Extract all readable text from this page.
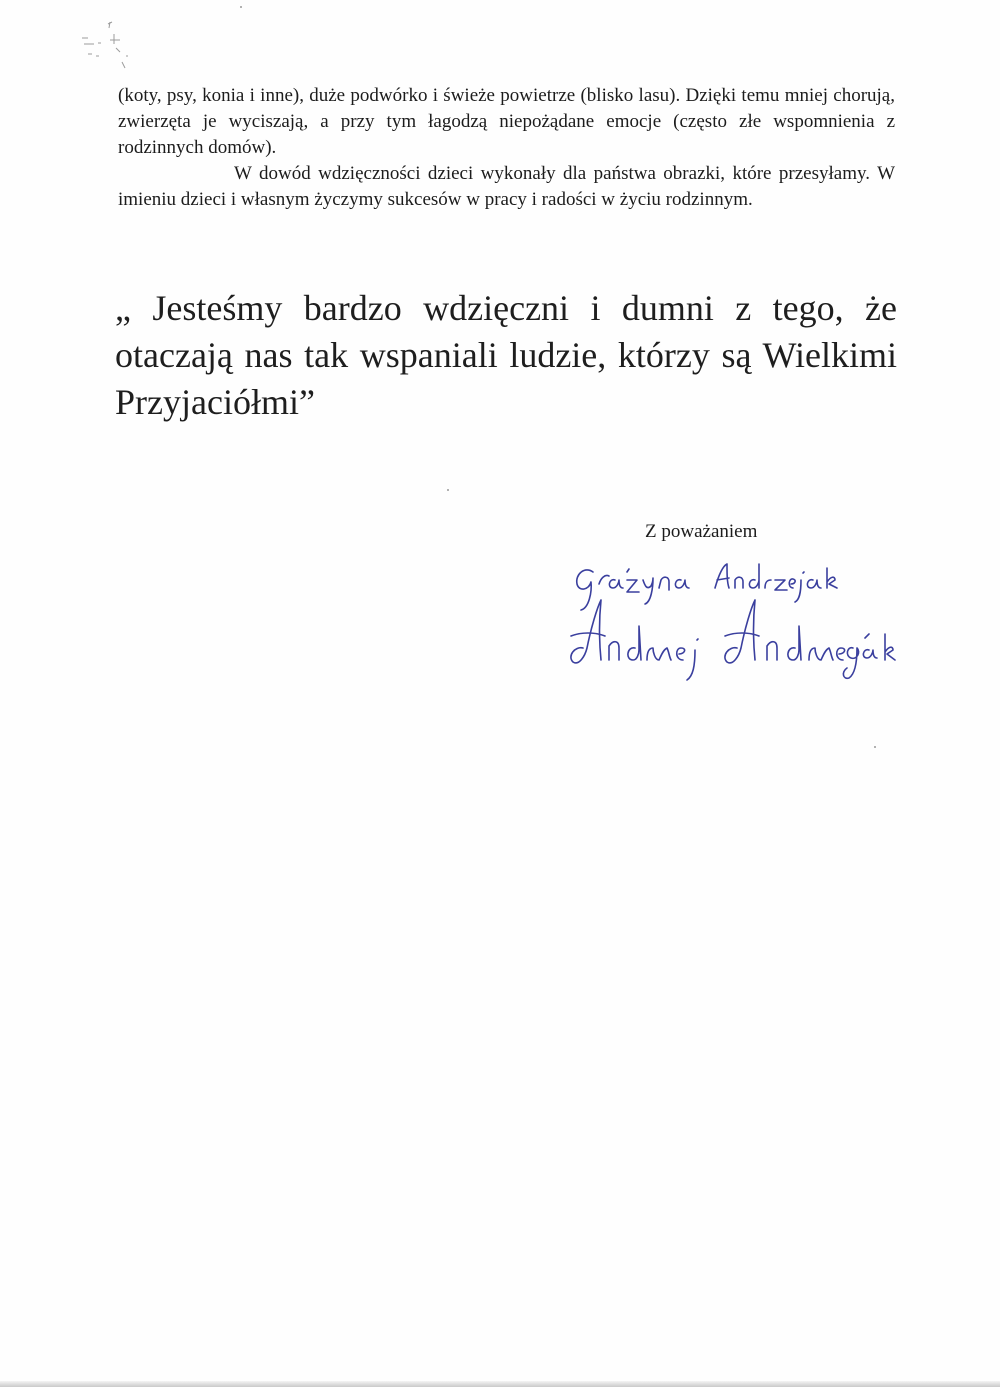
(koty, psy, konia i inne), duże podwórko i świeże powietrze (blisko lasu). Dzięki temu mniej chorują, zwierzęta je wyciszają, a przy tym łagodzą niepożądane emocje (często złe wspomnienia z rodzinnych domów).

W dowód wdzięczności dzieci wykonały dla państwa obrazki, które przesyłamy. W imieniu dzieci i własnym życzymy sukcesów w pracy i radości w życiu rodzinnym.

„ Jesteśmy bardzo wdzięczni i dumni z tego, że otaczają nas tak wspaniali ludzie, którzy są Wielkimi Przyjaciółmi”

Z poważaniem
